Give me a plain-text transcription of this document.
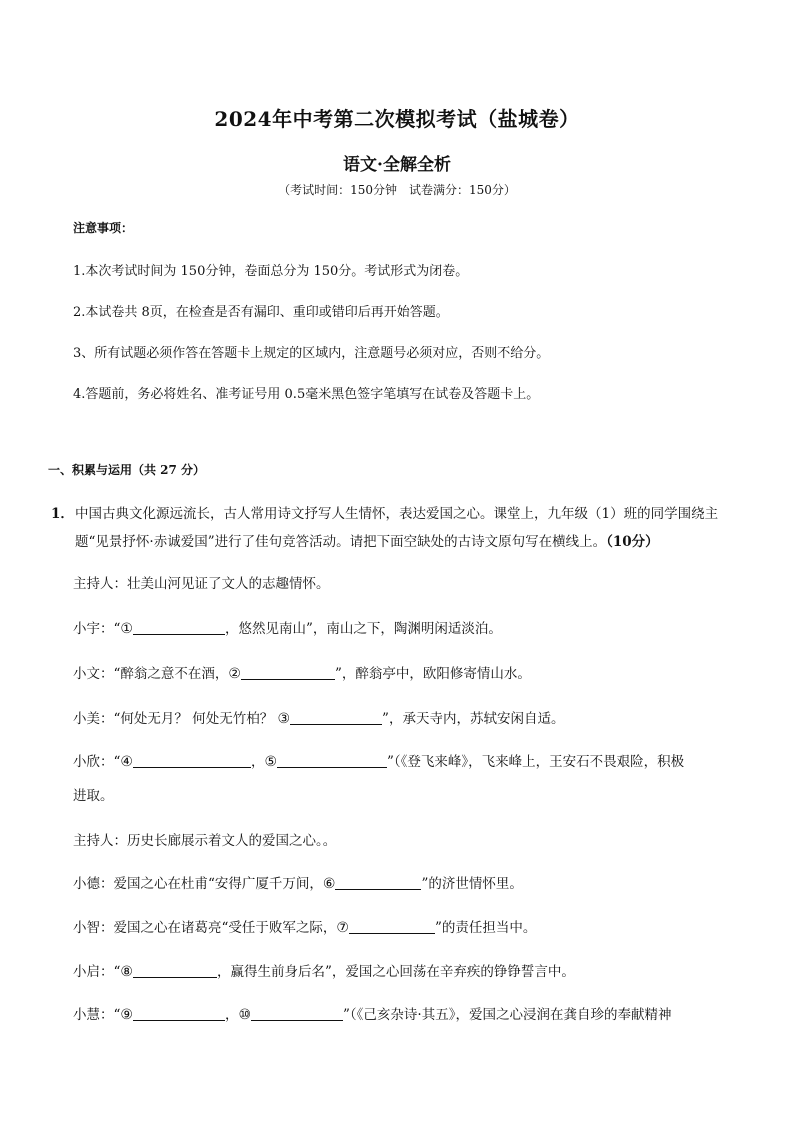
2024年中考第二次模拟考试（盐城卷）
语文·全解全析
（考试时间：150分钟　试卷满分：150分）
注意事项：
1.本次考试时间为 150分钟，卷面总分为 150分。考试形式为闭卷。
2.本试卷共 8页，在检查是否有漏印、重印或错印后再开始答题。
3、所有试题必须作答在答题卡上规定的区域内，注意题号必须对应，否则不给分。
4.答题前，务必将姓名、准考证号用 0.5毫米黑色签字笔填写在试卷及答题卡上。
一、积累与运用（共 27 分）
1． 中国古典文化源远流长，古人常用诗文抒写人生情怀，表达爱国之心。课堂上，九年级（1）班的同学围绕主题“见景抒怀·赤诚爱国”进行了佳句竞答活动。请把下面空缺处的古诗文原句写在横线上。（10分）
主持人：壮美山河见证了文人的志趣情怀。
小宇：“①	，悠然见南山”，南山之下，陶渊明闲适淡泊。
小文：“醉翁之意不在酒，②	”，醉翁亭中，欧阳修寄情山水。
小美：“何处无月？ 何处无竹柏？ ③	”，承天寺内，苏轼安闲自适。
小欣：“④	，⑤	”（《登飞来峰》，飞来峰上，王安石不畏艰险，积极
进取。
主持人：历史长廊展示着文人的爱国之心。。
小德：爱国之心在杜甫“安得广厦千万间，⑥	”的济世情怀里。
小智：爱国之心在诸葛亮“受任于败军之际，⑦	”的责任担当中。
小启：“⑧	，赢得生前身后名”，爱国之心回荡在辛弃疾的铮铮誓言中。
小慧：“⑨	，⑩	”（《己亥杂诗·其五》，爱国之心浸润在龚自珍的奉献精神
